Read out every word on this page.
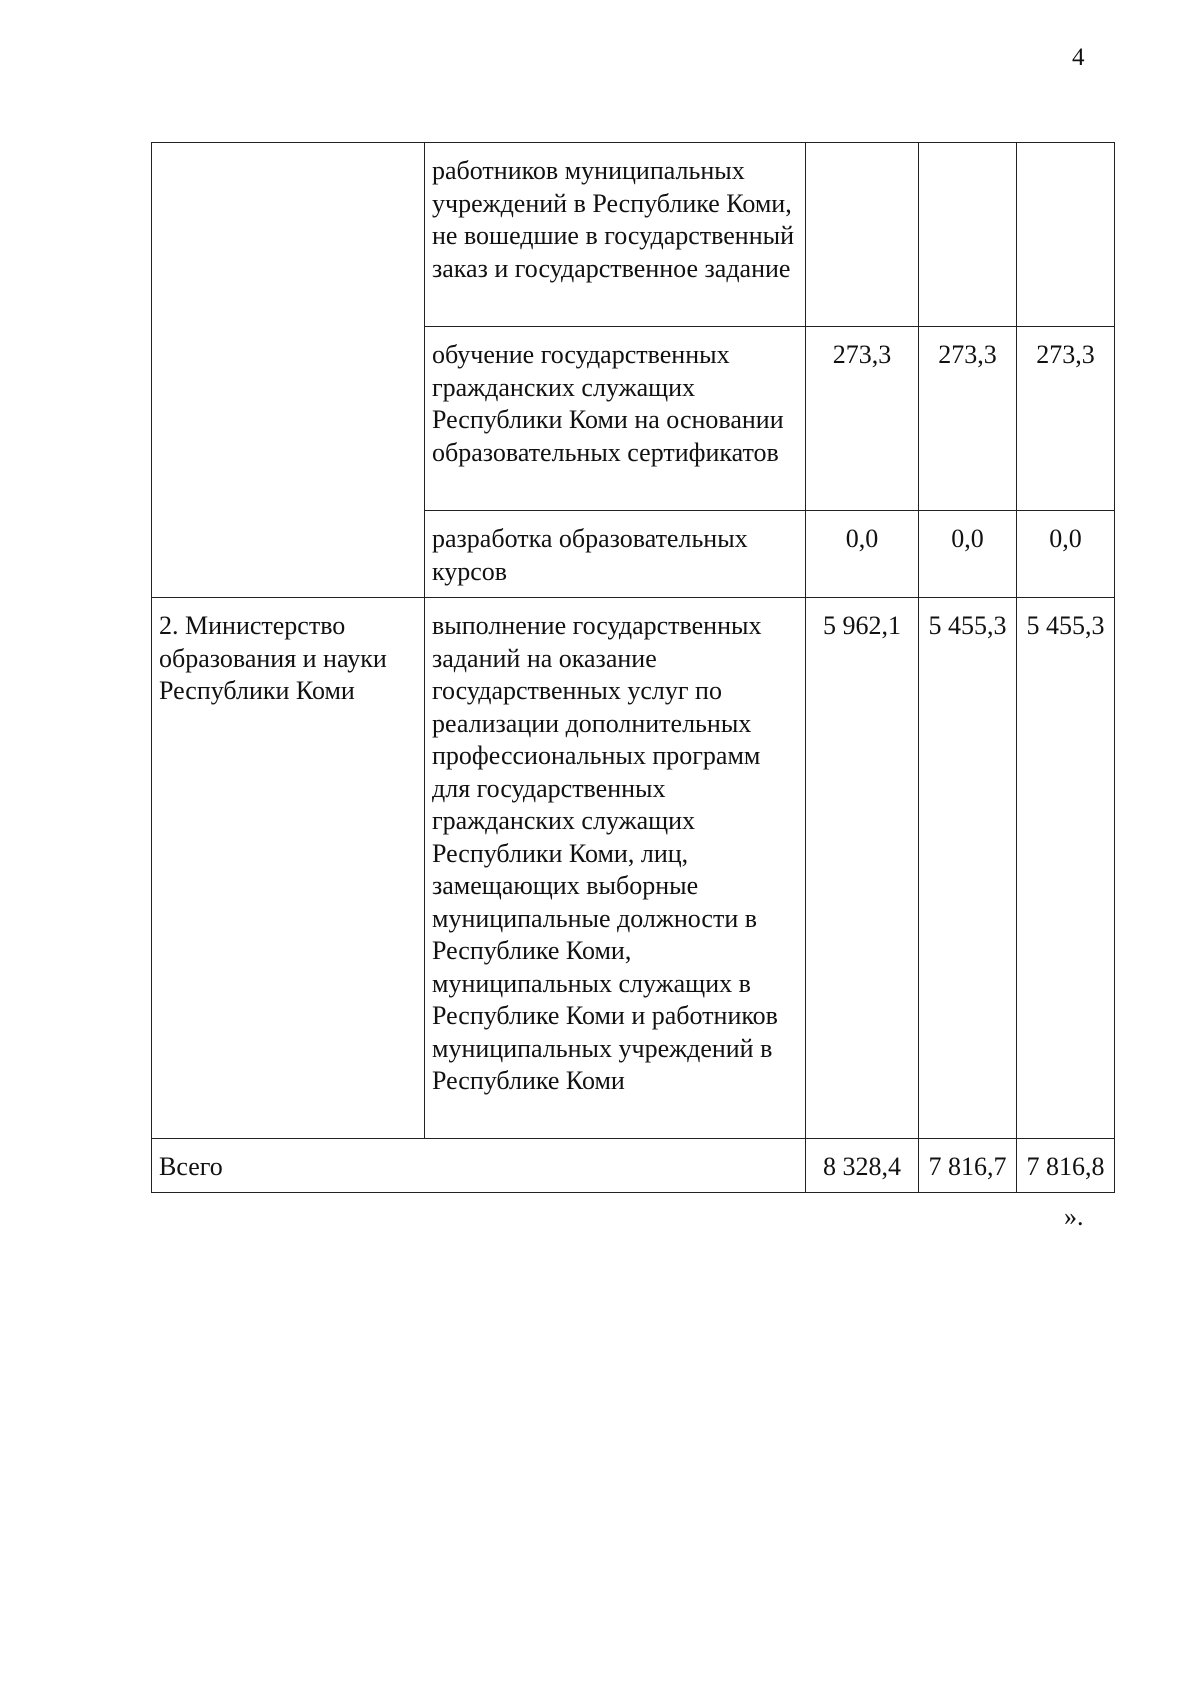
4

	работников муниципальных учреждений в Республике Коми, не вошедшие в государственный заказ и государственное задание			

	обучение государственных гражданских служащих Республики Коми на основании образовательных сертификатов	273,3	273,3	273,3

	разработка образовательных курсов	0,0	0,0	0,0

2. Министерство образования и науки Республики Коми	выполнение государственных заданий на оказание государственных услуг по реализации дополнительных профессиональных программ для государственных гражданских служащих Республики Коми, лиц, замещающих выборные муниципальные должности в Республике Коми, муниципальных служащих в Республике Коми и работников муниципальных учреждений в Республике Коми	5 962,1	5 455,3	5 455,3

Всего		8 328,4	7 816,7	7 816,8
».
